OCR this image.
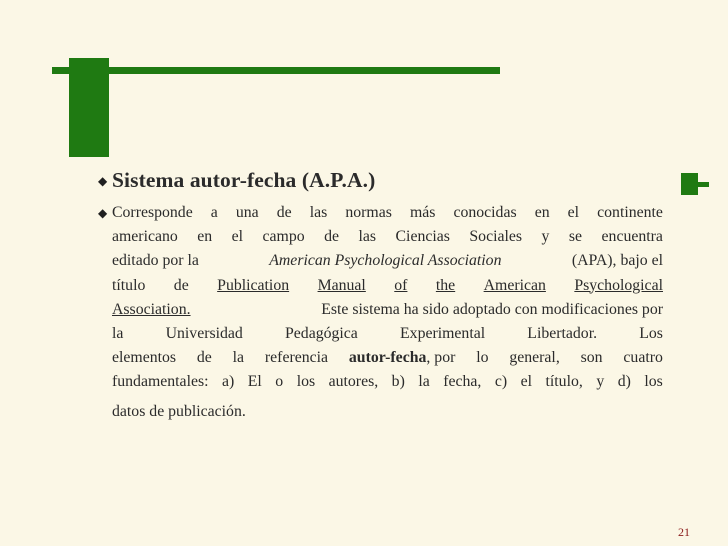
◆ Sistema autor-fecha (A.P.A.)
◆ Corresponde a una de las normas más conocidas en el continente
americano en el campo de las Ciencias Sociales y se encuentra
editado por la	American Psychological Association	(APA), bajo el
título de Publication Manual of the American Psychological
Association.	Este sistema ha sido adoptado con modificaciones por
la	Universidad	Pedagógica	Experimental	Libertador.	Los
elementos de la referencia autor-fecha, por lo general, son cuatro
fundamentales: a) El o los autores, b) la fecha, c) el título, y d) los
datos de publicación.
21
